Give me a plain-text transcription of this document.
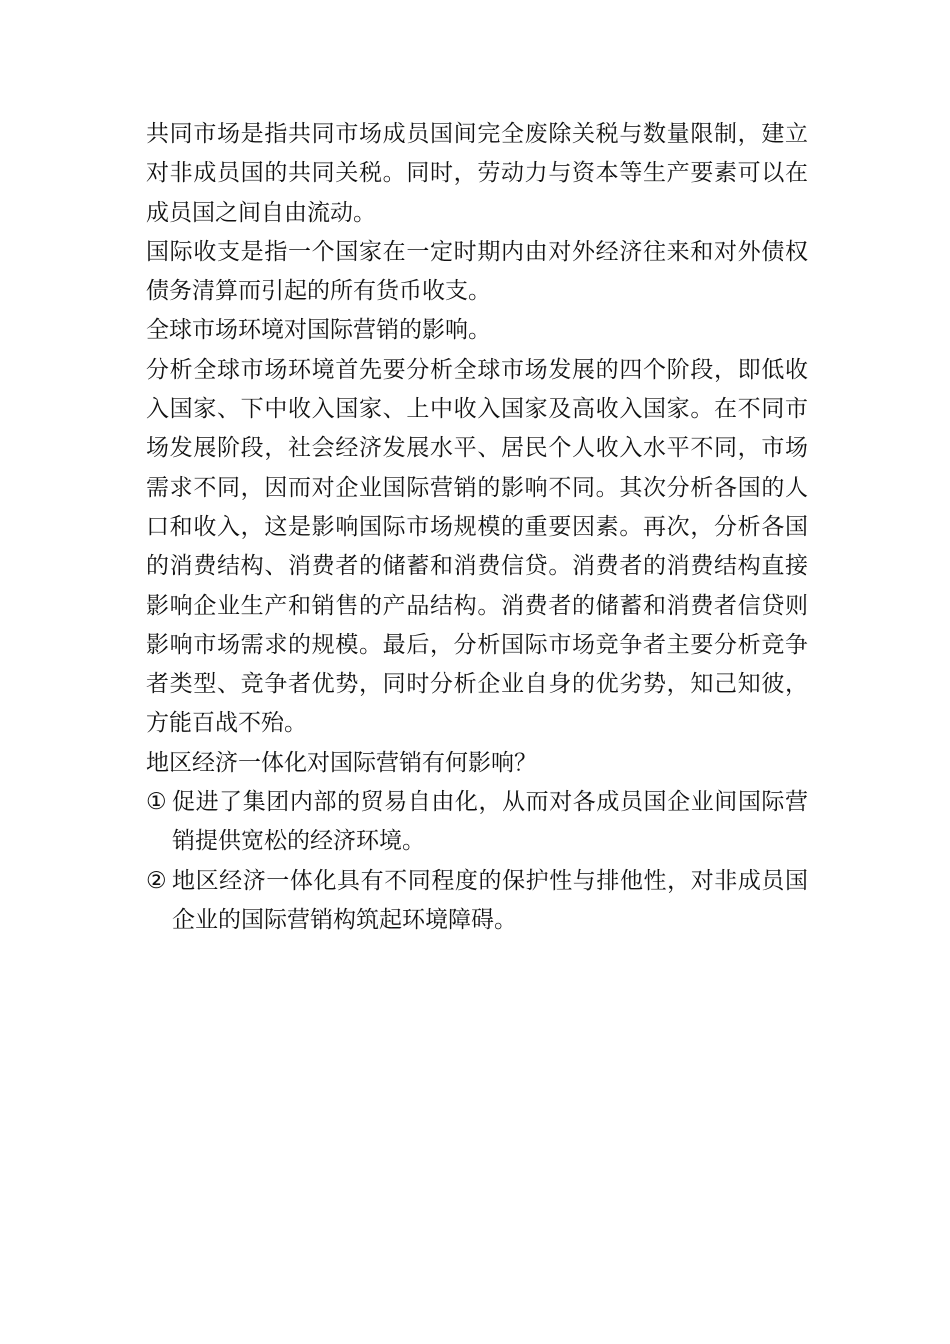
共同市场是指共同市场成员国间完全废除关税与数量限制，建立对非成员国的共同关税。同时，劳动力与资本等生产要素可以在成员国之间自由流动。

国际收支是指一个国家在一定时期内由对外经济往来和对外债权债务清算而引起的所有货币收支。

全球市场环境对国际营销的影响。

分析全球市场环境首先要分析全球市场发展的四个阶段，即低收入国家、下中收入国家、上中收入国家及高收入国家。在不同市场发展阶段，社会经济发展水平、居民个人收入水平不同，市场需求不同，因而对企业国际营销的影响不同。其次分析各国的人口和收入，这是影响国际市场规模的重要因素。再次，分析各国的消费结构、消费者的储蓄和消费信贷。消费者的消费结构直接影响企业生产和销售的产品结构。消费者的储蓄和消费者信贷则影响市场需求的规模。最后，分析国际市场竞争者主要分析竞争者类型、竞争者优势，同时分析企业自身的优劣势，知己知彼，方能百战不殆。

地区经济一体化对国际营销有何影响？

① 促进了集团内部的贸易自由化，从而对各成员国企业间国际营销提供宽松的经济环境。
② 地区经济一体化具有不同程度的保护性与排他性，对非成员国企业的国际营销构筑起环境障碍。
